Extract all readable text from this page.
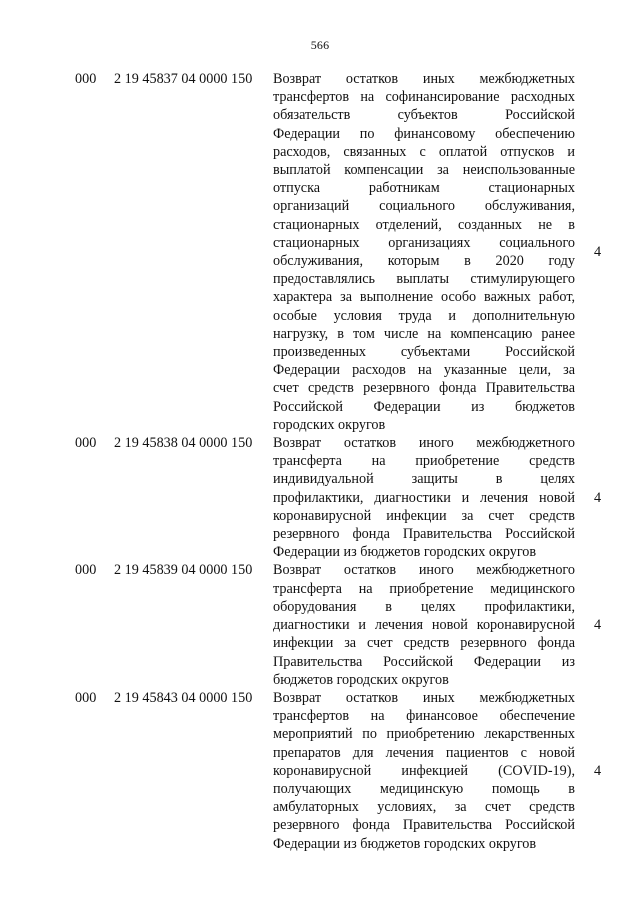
566
000 2 19 45837 04 0000 150 Возврат остатков иных межбюджетных
трансфертов на софинансирование расходных
обязательств субъектов Российской
Федерации по финансовому обеспечению
расходов, связанных с оплатой отпусков и
выплатой компенсации за неиспользованные
отпуска работникам стационарных
организаций социального обслуживания,
стационарных отделений, созданных не в
стационарных организациях социального
обслуживания, которым в 2020 году
предоставлялись выплаты стимулирующего
характера за выполнение особо важных работ,
особые условия труда и дополнительную
нагрузку, в том числе на компенсацию ранее
произведенных субъектами Российской
Федерации расходов на указанные цели, за
счет средств резервного фонда Правительства
Российской Федерации из бюджетов
городских округов
4
000 2 19 45838 04 0000 150 Возврат остатков иного межбюджетного
трансферта на приобретение средств
индивидуальной защиты в целях
профилактики, диагностики и лечения новой
коронавирусной инфекции за счет средств
резервного фонда Правительства Российской
Федерации из бюджетов городских округов
4
000 2 19 45839 04 0000 150 Возврат остатков иного межбюджетного
трансферта на приобретение медицинского
оборудования в целях профилактики,
диагностики и лечения новой коронавирусной
инфекции за счет средств резервного фонда
Правительства Российской Федерации из
бюджетов городских округов
4
000 2 19 45843 04 0000 150 Возврат остатков иных межбюджетных
трансфертов на финансовое обеспечение
мероприятий по приобретению лекарственных
препаратов для лечения пациентов с новой
коронавирусной инфекцией (COVID-19),
получающих медицинскую помощь в
амбулаторных условиях, за счет средств
резервного фонда Правительства Российской
Федерации из бюджетов городских округов
4
